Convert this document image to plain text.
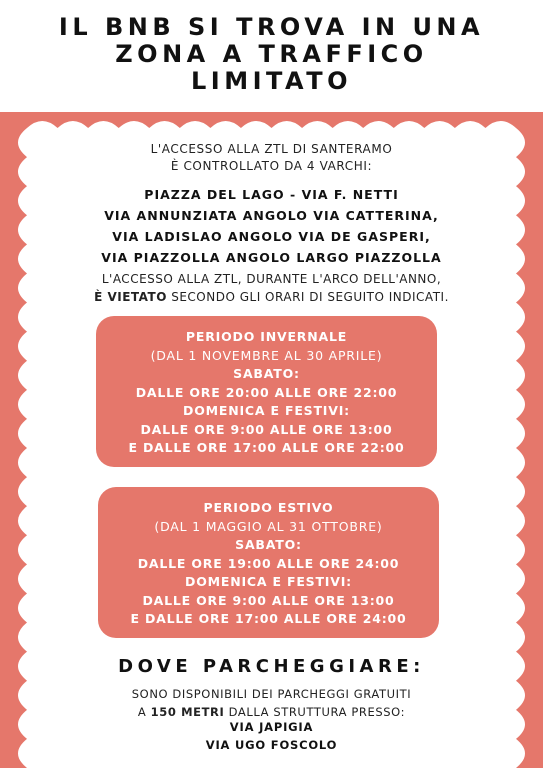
IL BNB SI TROVA IN UNA
ZONA A TRAFFICO
LIMITATO
L'ACCESSO ALLA ZTL DI SANTERAMO
È CONTROLLATO DA 4 VARCHI:
PIAZZA DEL LAGO - VIA F. NETTI
VIA ANNUNZIATA ANGOLO VIA CATTERINA,
VIA LADISLAO ANGOLO VIA DE GASPERI,
VIA PIAZZOLLA ANGOLO LARGO PIAZZOLLA
L'ACCESSO ALLA ZTL, DURANTE L'ARCO DELL'ANNO,
È VIETATO SECONDO GLI ORARI DI SEGUITO INDICATI.
PERIODO INVERNALE
(DAL 1 NOVEMBRE AL 30 APRILE)
SABATO:
DALLE ORE 20:00 ALLE ORE 22:00
DOMENICA E FESTIVI:
DALLE ORE 9:00 ALLE ORE 13:00
E DALLE ORE 17:00 ALLE ORE 22:00
PERIODO ESTIVO
(DAL 1 MAGGIO AL 31 OTTOBRE)
SABATO:
DALLE ORE 19:00 ALLE ORE 24:00
DOMENICA E FESTIVI:
DALLE ORE 9:00 ALLE ORE 13:00
E DALLE ORE 17:00 ALLE ORE 24:00
DOVE PARCHEGGIARE:
SONO DISPONIBILI DEI PARCHEGGI GRATUITI
A 150 METRI DALLA STRUTTURA PRESSO:
VIA JAPIGIA
VIA UGO FOSCOLO
